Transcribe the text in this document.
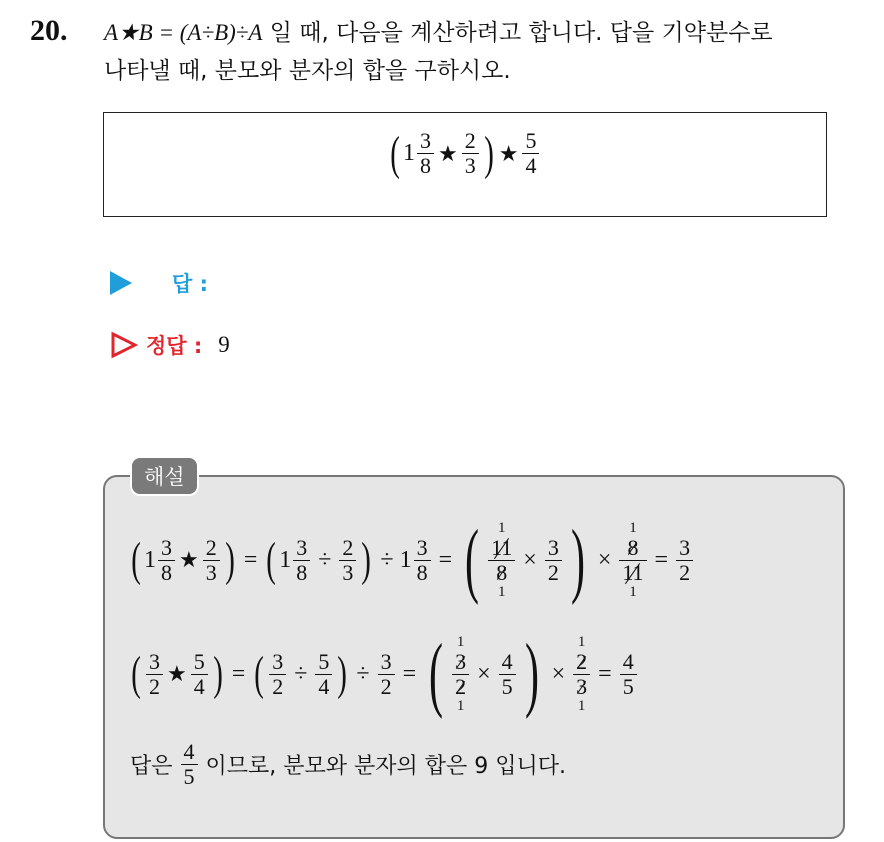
20. A★B = (A÷B)÷A 일 때, 다음을 계산하려고 합니다. 답을 기약분수로
나타낼 때, 분모와 분자의 합을 구하시오.
( $1 \frac{3}{8}$ ★ $\frac{2}{3}$ ) ★ $\frac{5}{4}$
답 :
정답 : 9
해설
( $1 \frac{3}{8}$ ★ $\frac{2}{3}$ ) = ( $1 \frac{3}{8} \div \frac{2}{3}$ ) ÷ $1 \frac{3}{8}$ = ( 1
$\frac{11}{8}$
1
× $\frac{3}{2}$ ) ×
1
$\frac{8}{11}$
1
= $\frac{3}{2}$
( $\frac{3}{2}$ ★ $\frac{5}{4}$ ) = ( $\frac{3}{2} \div \frac{5}{4}$ ) ÷ $\frac{3}{2}$ = ( 1
$\frac{3}{2}$
1
× $\frac{4}{5}$ ) ×
1
$\frac{2}{3}$
1
= $\frac{4}{5}$
답은 $\frac{4}{5}$ 이므로, 분모와 분자의 합은 9 입니다.
